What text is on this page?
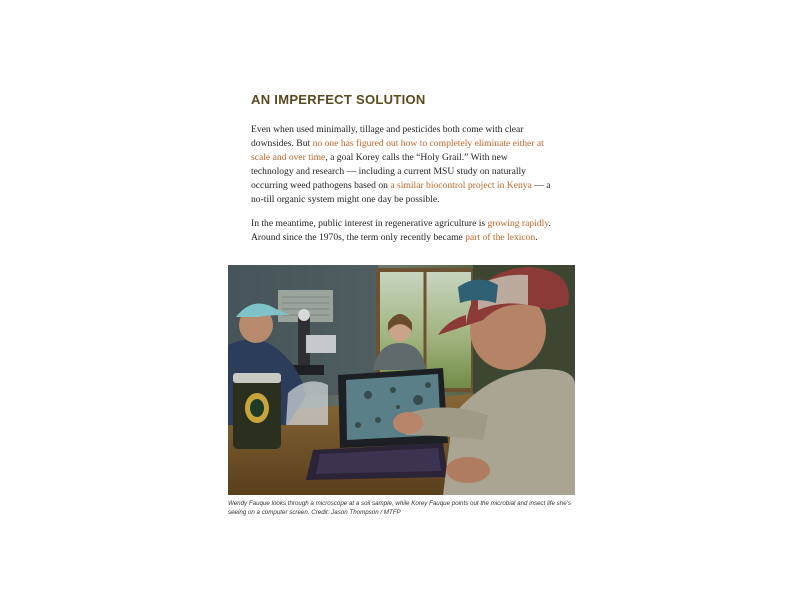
AN IMPERFECT SOLUTION

Even when used minimally, tillage and pesticides both come with clear downsides. But no one has figured out how to completely eliminate either at scale and over time, a goal Korey calls the “Holy Grail.” With new technology and research — including a current MSU study on naturally occurring weed pathogens based on a similar biocontrol project in Kenya — a no-till organic system might one day be possible.

In the meantime, public interest in regenerative agriculture is growing rapidly. Around since the 1970s, the term only recently became part of the lexicon.

Wendy Fauque looks through a microscope at a soil sample, while Korey Fauque points out the microbial and insect life she's seeing on a computer screen. Credit: Jason Thompson / MTFP
